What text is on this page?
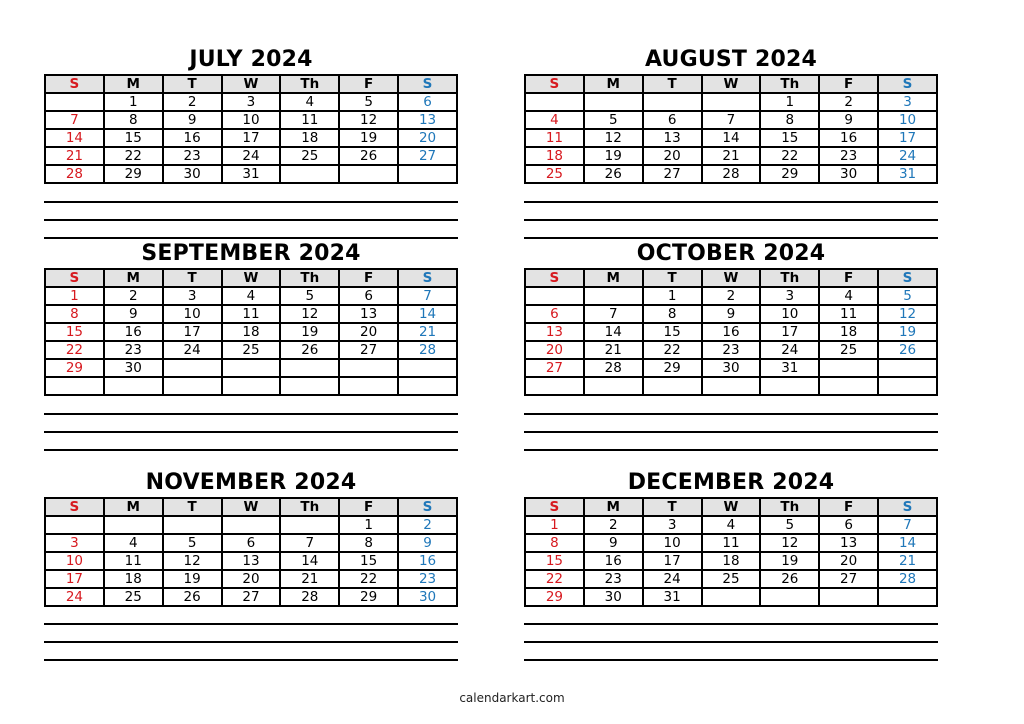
JULY 2024
S	M	T	W	Th	F	S
	1	2	3	4	5	6
7	8	9	10	11	12	13
14	15	16	17	18	19	20
21	22	23	24	25	26	27
28	29	30	31			
AUGUST 2024
S	M	T	W	Th	F	S
				1	2	3
4	5	6	7	8	9	10
11	12	13	14	15	16	17
18	19	20	21	22	23	24
25	26	27	28	29	30	31
SEPTEMBER 2024
S	M	T	W	Th	F	S
1	2	3	4	5	6	7
8	9	10	11	12	13	14
15	16	17	18	19	20	21
22	23	24	25	26	27	28
29	30					

OCTOBER 2024
S	M	T	W	Th	F	S
		1	2	3	4	5
6	7	8	9	10	11	12
13	14	15	16	17	18	19
20	21	22	23	24	25	26
27	28	29	30	31		

NOVEMBER 2024
S	M	T	W	Th	F	S
					1	2
3	4	5	6	7	8	9
10	11	12	13	14	15	16
17	18	19	20	21	22	23
24	25	26	27	28	29	30
DECEMBER 2024
S	M	T	W	Th	F	S
1	2	3	4	5	6	7
8	9	10	11	12	13	14
15	16	17	18	19	20	21
22	23	24	25	26	27	28
29	30	31				
calendarkart.com
